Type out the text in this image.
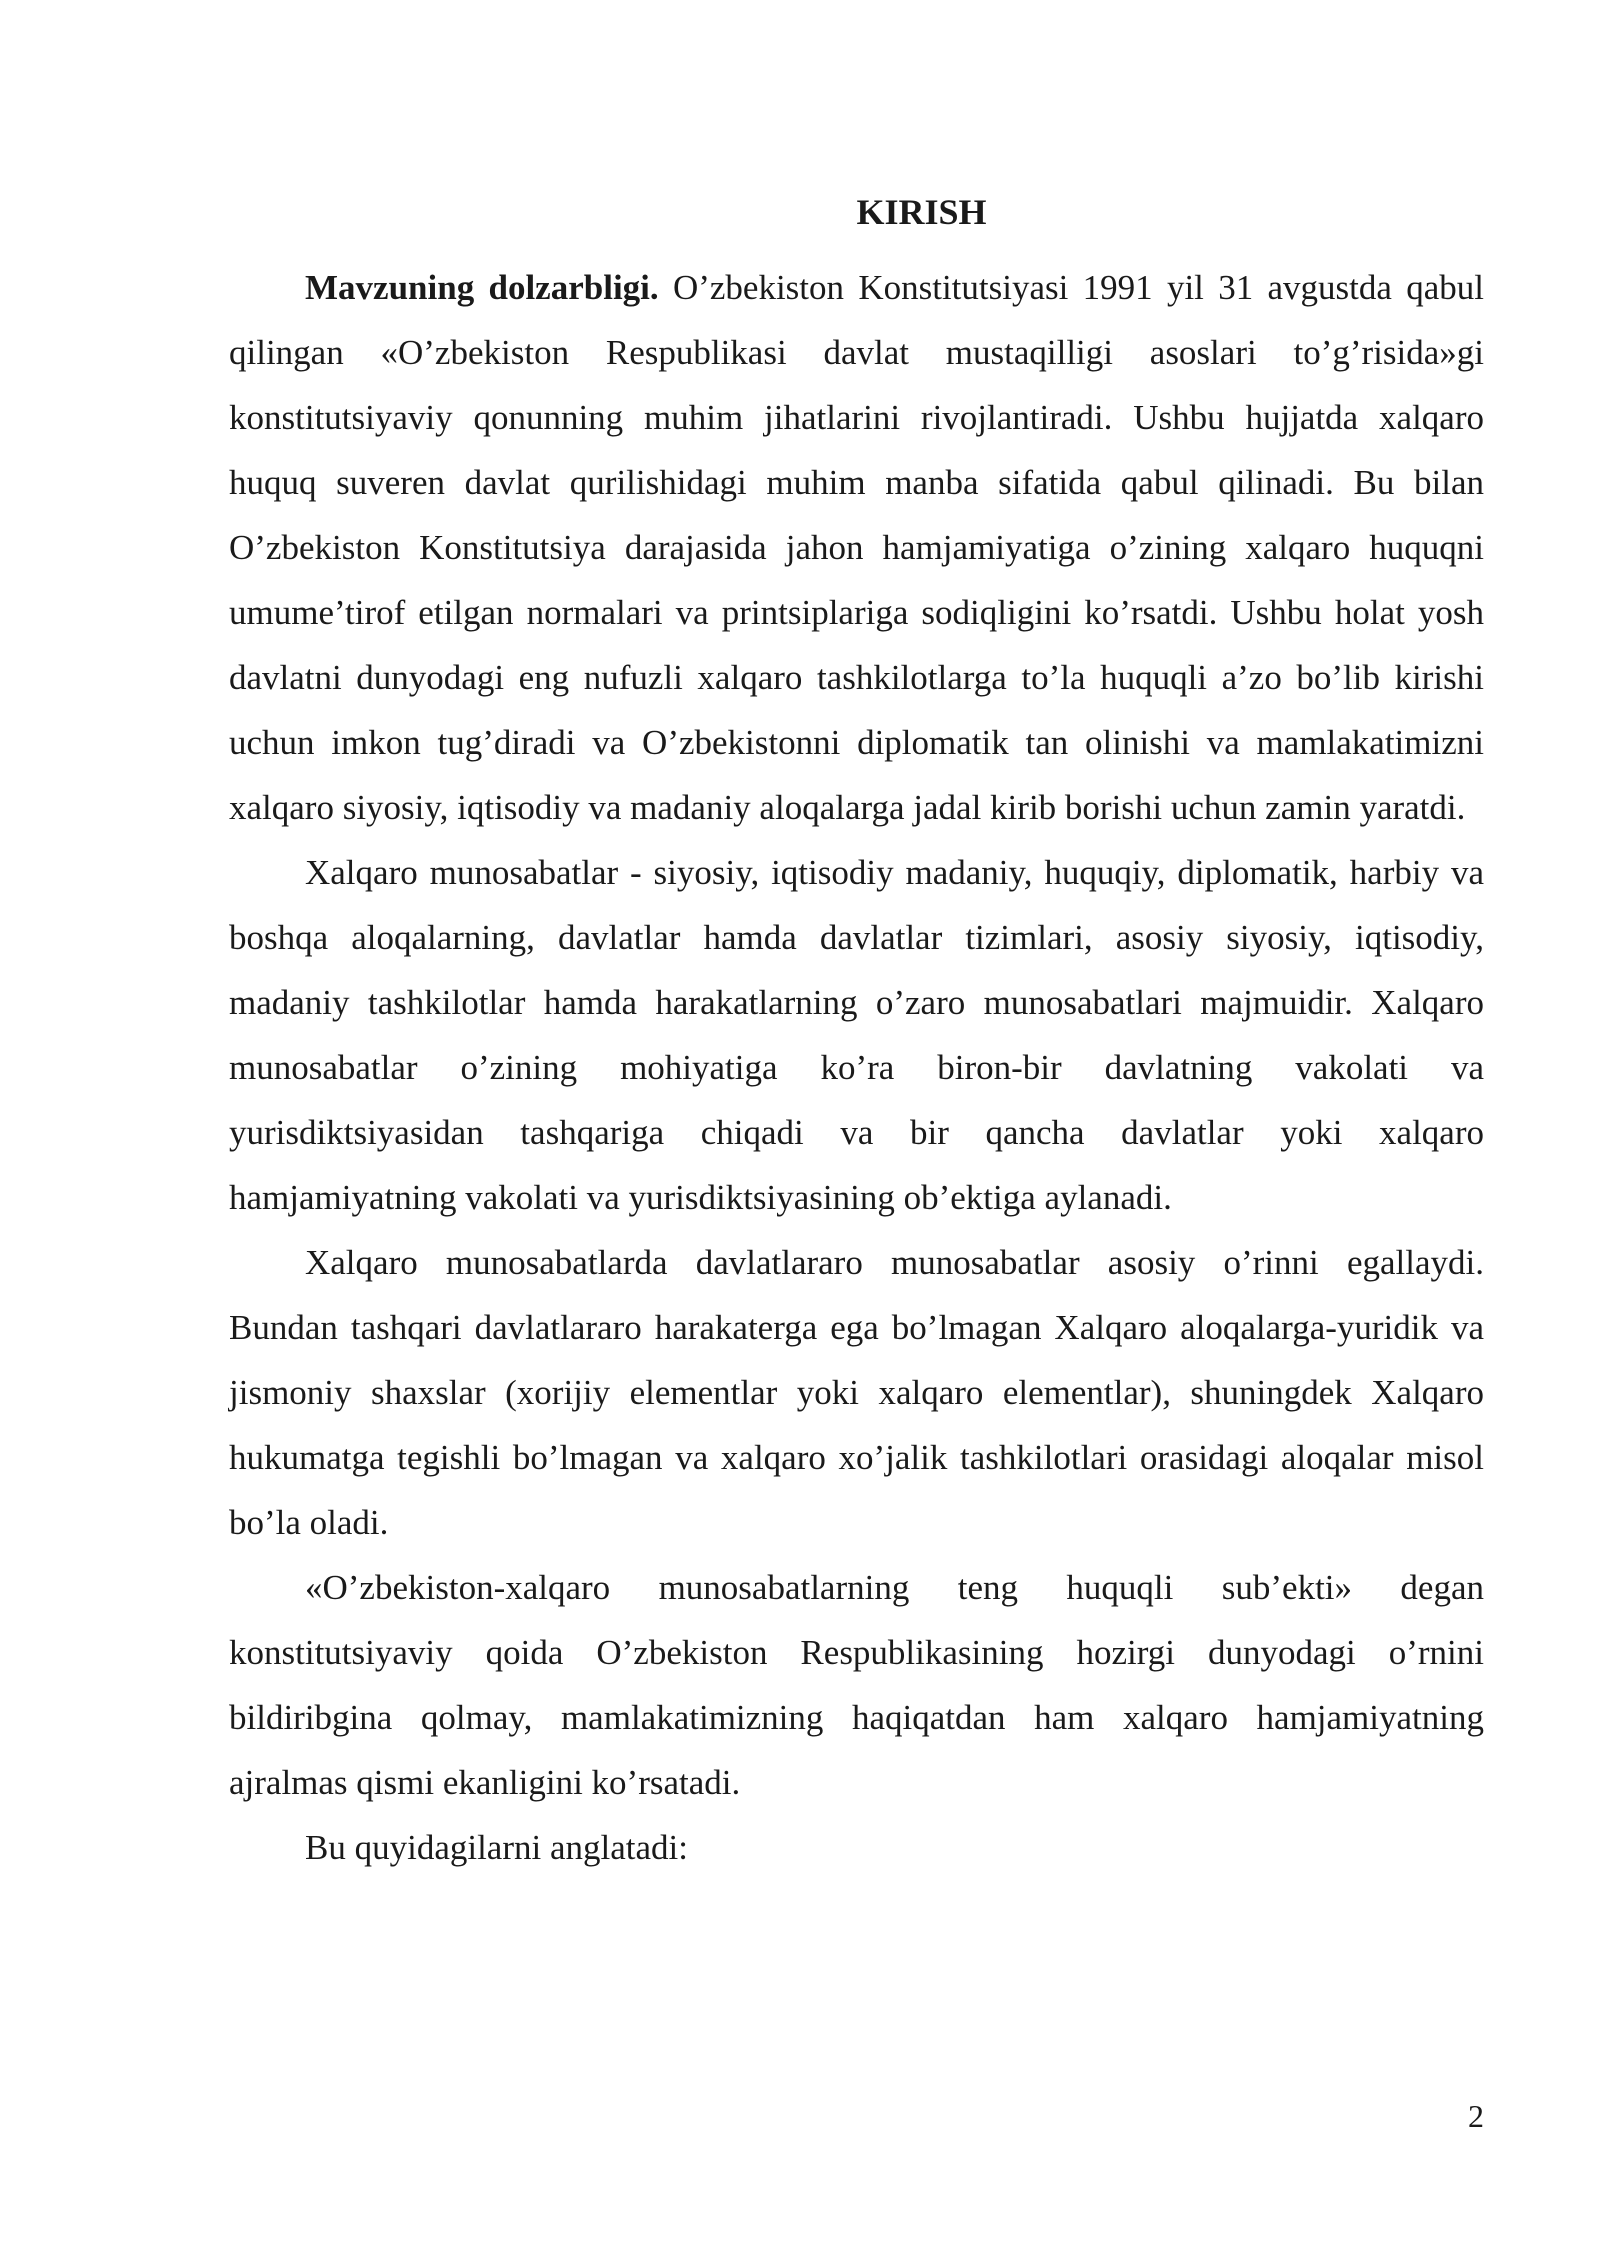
KIRISH

Mavzuning dolzarbligi. O’zbekiston Konstitutsiyasi 1991 yil 31 avgustda qabul qilingan «O’zbekiston Respublikasi davlat mustaqilligi asoslari to’g’risida»gi konstitutsiyaviy qonunning muhim jihatlarini rivojlantiradi. Ushbu hujjatda xalqaro huquq suveren davlat qurilishidagi muhim manba sifatida qabul qilinadi. Bu bilan O’zbekiston Konstitutsiya darajasida jahon hamjamiyatiga o’zining xalqaro huquqni umume’tirof etilgan normalari va printsiplariga sodiqligini ko’rsatdi. Ushbu holat yosh davlatni dunyodagi eng nufuzli xalqaro tashkilotlarga to’la huquqli a’zo bo’lib kirishi uchun imkon tug’diradi va O’zbekistonni diplomatik tan olinishi va mamlakatimizni xalqaro siyosiy, iqtisodiy va madaniy aloqalarga jadal kirib borishi uchun zamin yaratdi.

Xalqaro munosabatlar - siyosiy, iqtisodiy madaniy, huquqiy, diplomatik, harbiy va boshqa aloqalarning, davlatlar hamda davlatlar tizimlari, asosiy siyosiy, iqtisodiy, madaniy tashkilotlar hamda harakatlarning o’zaro munosabatlari majmuidir. Xalqaro munosabatlar o’zining mohiyatiga ko’ra biron-bir davlatning vakolati va yurisdiktsiyasidan tashqariga chiqadi va bir qancha davlatlar yoki xalqaro hamjamiyatning vakolati va yurisdiktsiyasining ob’ektiga aylanadi.

Xalqaro munosabatlarda davlatlararo munosabatlar asosiy o’rinni egallaydi. Bundan tashqari davlatlararo harakaterga ega bo’lmagan Xalqaro aloqalarga-yuridik va jismoniy shaxslar (xorijiy elementlar yoki xalqaro elementlar), shuningdek Xalqaro hukumatga tegishli bo’lmagan va xalqaro xo’jalik tashkilotlari orasidagi aloqalar misol bo’la oladi.

«O’zbekiston-xalqaro munosabatlarning teng huquqli sub’ekti» degan konstitutsiyaviy qoida O’zbekiston Respublikasining hozirgi dunyodagi o’rnini bildiribgina qolmay, mamlakatimizning haqiqatdan ham xalqaro hamjamiyatning ajralmas qismi ekanligini ko’rsatadi.

Bu quyidagilarni anglatadi:

2
